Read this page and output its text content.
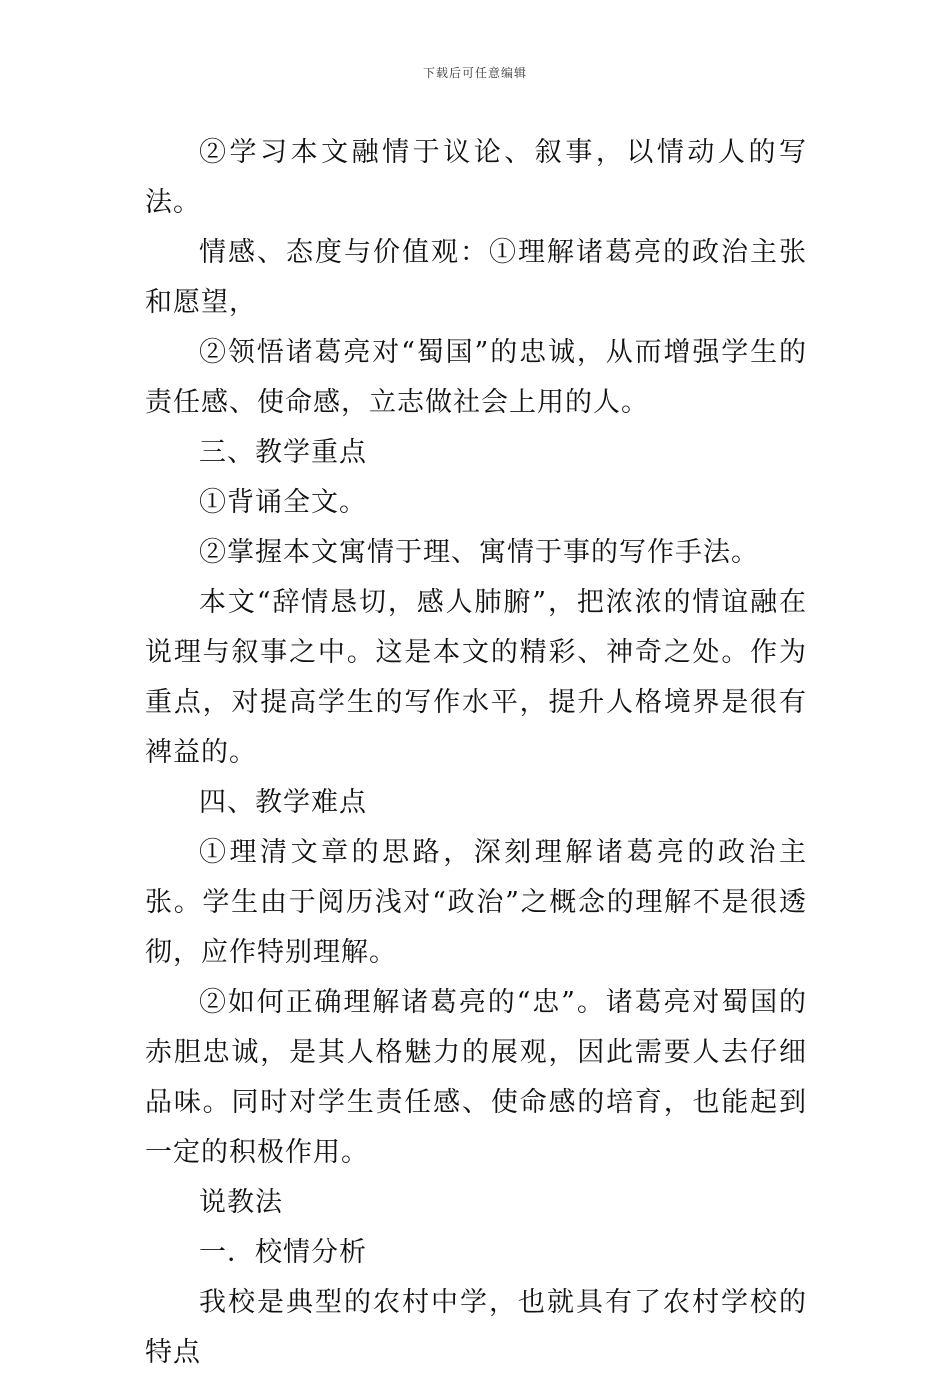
下载后可任意编辑

②学习本文融情于议论、叙事，以情动人的写法。

情感、态度与价值观：①理解诸葛亮的政治主张和愿望，

②领悟诸葛亮对“蜀国”的忠诚，从而增强学生的责任感、使命感，立志做社会上用的人。

三、教学重点

①背诵全文。

②掌握本文寓情于理、寓情于事的写作手法。

本文“辞情恳切，感人肺腑”，把浓浓的情谊融在说理与叙事之中。这是本文的精彩、神奇之处。作为重点，对提高学生的写作水平，提升人格境界是很有裨益的。

四、教学难点

①理清文章的思路，深刻理解诸葛亮的政治主张。学生由于阅历浅对“政治”之概念的理解不是很透彻，应作特别理解。

②如何正确理解诸葛亮的“忠”。诸葛亮对蜀国的赤胆忠诚，是其人格魅力的展观，因此需要人去仔细品味。同时对学生责任感、使命感的培育，也能起到一定的积极作用。

说教法

一．校情分析

我校是典型的农村中学，也就具有了农村学校的特点
